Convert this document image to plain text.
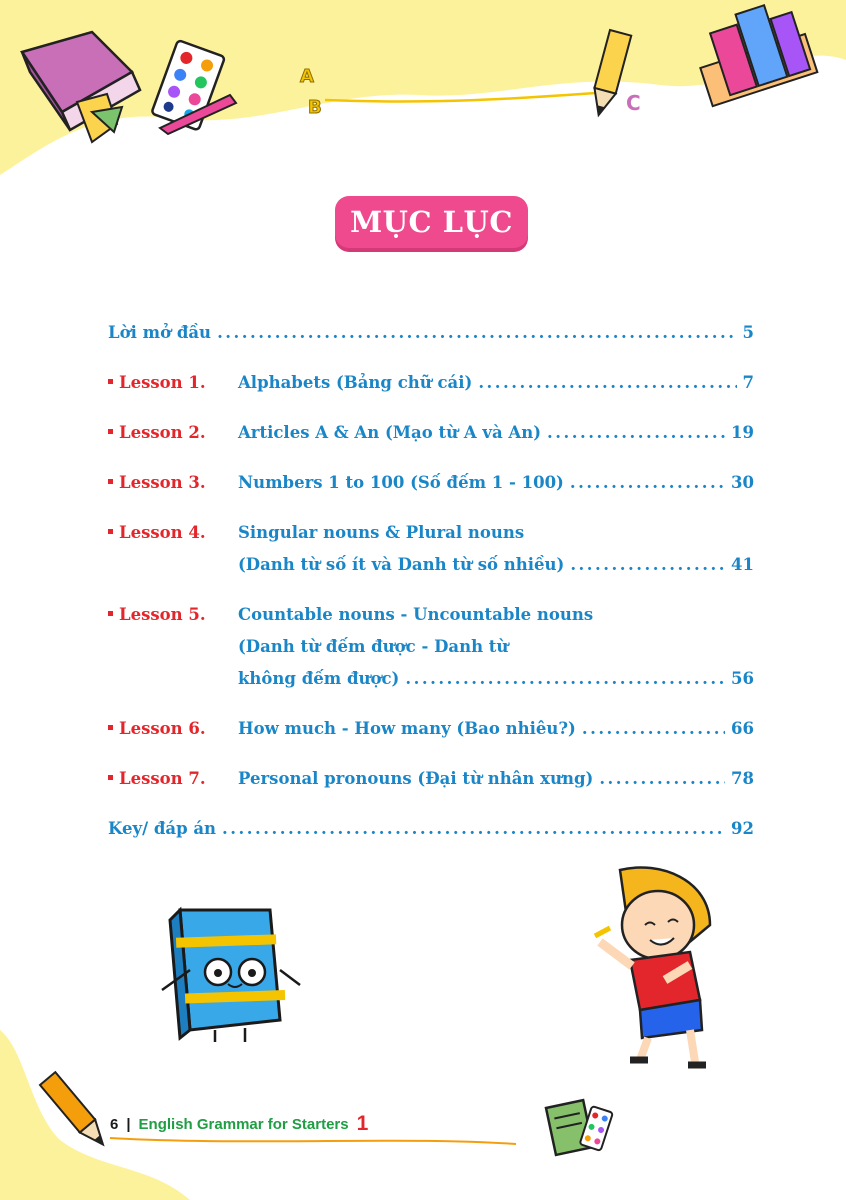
A
B	C
MỤC LỤC
Lời mở đầu .....	5
Lesson 1.	Alphabets (Bảng chữ cái) .....	7
Lesson 2.	Articles A & An (Mạo từ A và An) .....	19
Lesson 3.	Numbers 1 to 100 (Số đếm 1 - 100) .....	30
Lesson 4.	Singular nouns & Plural nouns
(Danh từ số ít và Danh từ số nhiều) .....	41
Lesson 5.	Countable nouns - Uncountable nouns
(Danh từ đếm được - Danh từ
không đếm được) .....	56
Lesson 6.	How much - How many (Bao nhiêu?) .....	66
Lesson 7.	Personal pronouns (Đại từ nhân xưng) .....	78
Key/ đáp án .....	92
6 | English Grammar for Starters 1
